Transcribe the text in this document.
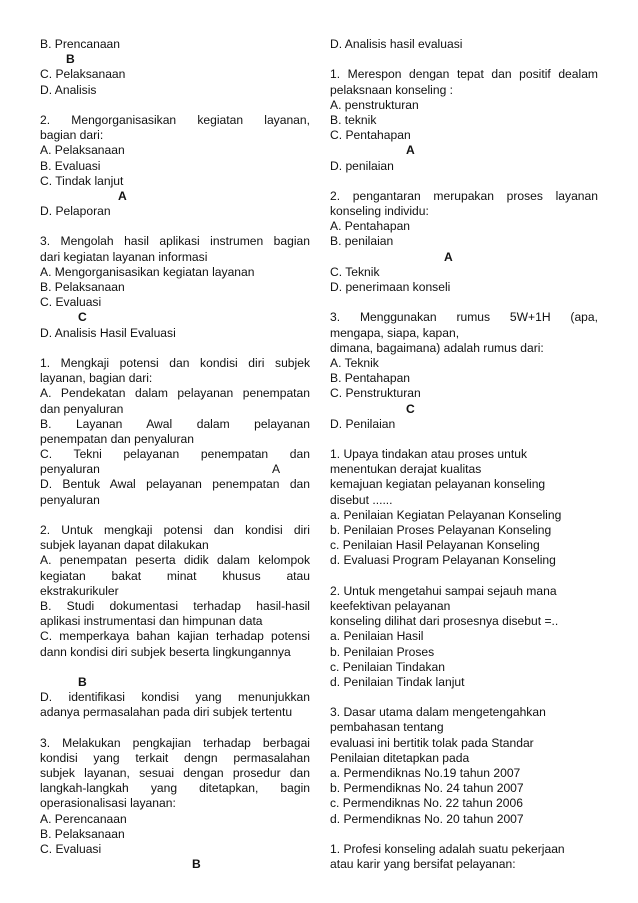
B. Prencanaan
B
C. Pelaksanaan
D. Analisis
2. Mengorganisasikan kegiatan layanan,
bagian dari:
A. Pelaksanaan
B. Evaluasi
C. Tindak lanjut
A
D. Pelaporan
3. Mengolah hasil aplikasi instrumen bagian
dari kegiatan layanan informasi
A. Mengorganisasikan kegiatan layanan
B. Pelaksanaan
C. Evaluasi
C
D. Analisis Hasil Evaluasi
1. Mengkaji potensi dan kondisi diri subjek
layanan, bagian dari:
A. Pendekatan dalam pelayanan penempatan
dan penyaluran
B. Layanan Awal dalam pelayanan
penempatan dan penyaluran
C. Tekni pelayanan penempatan dan
penyaluran	A
D. Bentuk Awal pelayanan penempatan dan
penyaluran
2. Untuk mengkaji potensi dan kondisi diri
subjek layanan dapat dilakukan
A. penempatan peserta didik dalam kelompok
kegiatan bakat minat khusus atau
ekstrakurikuler
B. Studi dokumentasi terhadap hasil-hasil
aplikasi instrumentasi dan himpunan data
C. memperkaya bahan kajian terhadap potensi
dann kondisi diri subjek beserta lingkungannya
B
D. identifikasi kondisi yang menunjukkan
adanya permasalahan pada diri subjek tertentu
3. Melakukan pengkajian terhadap berbagai
kondisi yang terkait dengn permasalahan
subjek layanan, sesuai dengan prosedur dan
langkah-langkah yang ditetapkan, bagin
operasionalisasi layanan:
A. Perencanaan
B. Pelaksanaan
C. Evaluasi
B
D. Analisis hasil evaluasi
1. Merespon dengan tepat dan positif dealam
pelaksnaan konseling :
A. penstrukturan
B. teknik
C. Pentahapan
A
D. penilaian
2. pengantaran merupakan proses layanan
konseling individu:
A. Pentahapan
B. penilaian
A
C. Teknik
D. penerimaan konseli
3. Menggunakan rumus 5W+1H (apa,
mengapa, siapa, kapan,
dimana, bagaimana) adalah rumus dari:
A. Teknik
B. Pentahapan
C. Penstrukturan
C
D. Penilaian
1. Upaya tindakan atau proses untuk
menentukan derajat kualitas
kemajuan kegiatan pelayanan konseling
disebut ......
a. Penilaian Kegiatan Pelayanan Konseling
b. Penilaian Proses Pelayanan Konseling
c. Penilaian Hasil Pelayanan Konseling
d. Evaluasi Program Pelayanan Konseling
2. Untuk mengetahui sampai sejauh mana
keefektivan pelayanan
konseling dilihat dari prosesnya disebut =..
a. Penilaian Hasil
b. Penilaian Proses
c. Penilaian Tindakan
d. Penilaian Tindak lanjut
3. Dasar utama dalam mengetengahkan
pembahasan tentang
evaluasi ini bertitik tolak pada Standar
Penilaian ditetapkan pada
a. Permendiknas No.19 tahun 2007
b. Permendiknas No. 24 tahun 2007
c. Permendiknas No. 22 tahun 2006
d. Permendiknas No. 20 tahun 2007
1. Profesi konseling adalah suatu pekerjaan
atau karir yang bersifat pelayanan:
